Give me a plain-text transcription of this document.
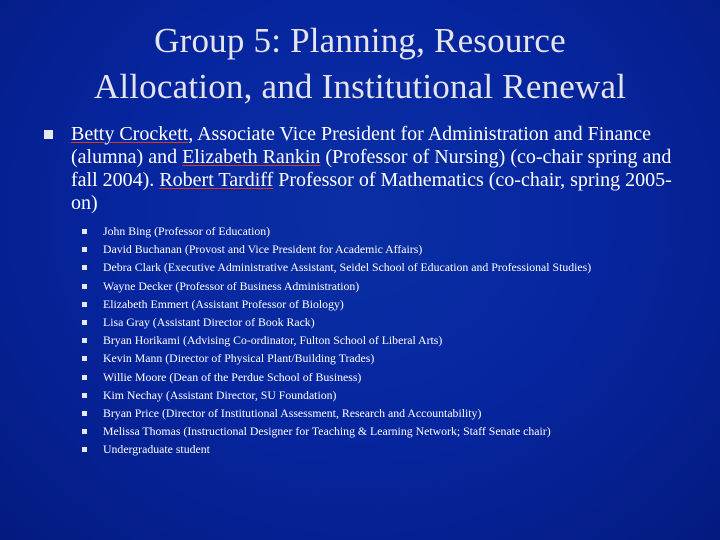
Group 5: Planning, Resource
Allocation, and Institutional Renewal
Betty Crockett, Associate Vice President for Administration and Finance (alumna) and Elizabeth Rankin (Professor of Nursing) (co-chair spring and fall 2004). Robert Tardiff Professor of Mathematics (co-chair, spring 2005-on)
John Bing (Professor of Education)
David Buchanan (Provost and Vice President for Academic Affairs)
Debra Clark (Executive Administrative Assistant, Seidel School of Education and Professional Studies)
Wayne Decker (Professor of Business Administration)
Elizabeth Emmert (Assistant Professor of Biology)
Lisa Gray (Assistant Director of Book Rack)
Bryan Horikami (Advising Co-ordinator, Fulton School of Liberal Arts)
Kevin Mann (Director of Physical Plant/Building Trades)
Willie Moore (Dean of the Perdue School of Business)
Kim Nechay (Assistant Director, SU Foundation)
Bryan Price (Director of Institutional Assessment, Research and Accountability)
Melissa Thomas (Instructional Designer for Teaching & Learning Network; Staff Senate chair)
Undergraduate student
